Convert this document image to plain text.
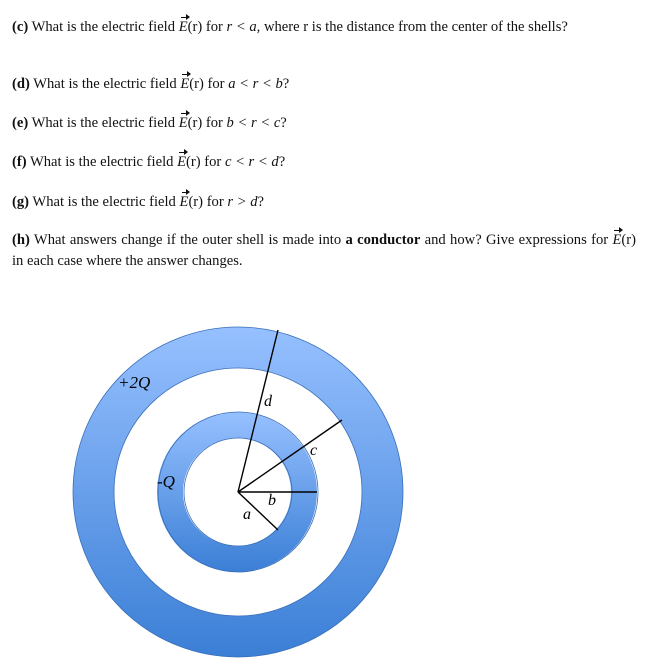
(c) What is the electric field E(r) for r < a, where r is the distance from the center of the shells?
(d) What is the electric field E(r) for a < r < b?
(e) What is the electric field E(r) for b < r < c?
(f) What is the electric field E(r) for c < r < d?
(g) What is the electric field E(r) for r > d?
(h) What answers change if the outer shell is made into a conductor and how? Give expressions for E(r) in each case where the answer changes.
+2Q
-Q
d
c
b
a
